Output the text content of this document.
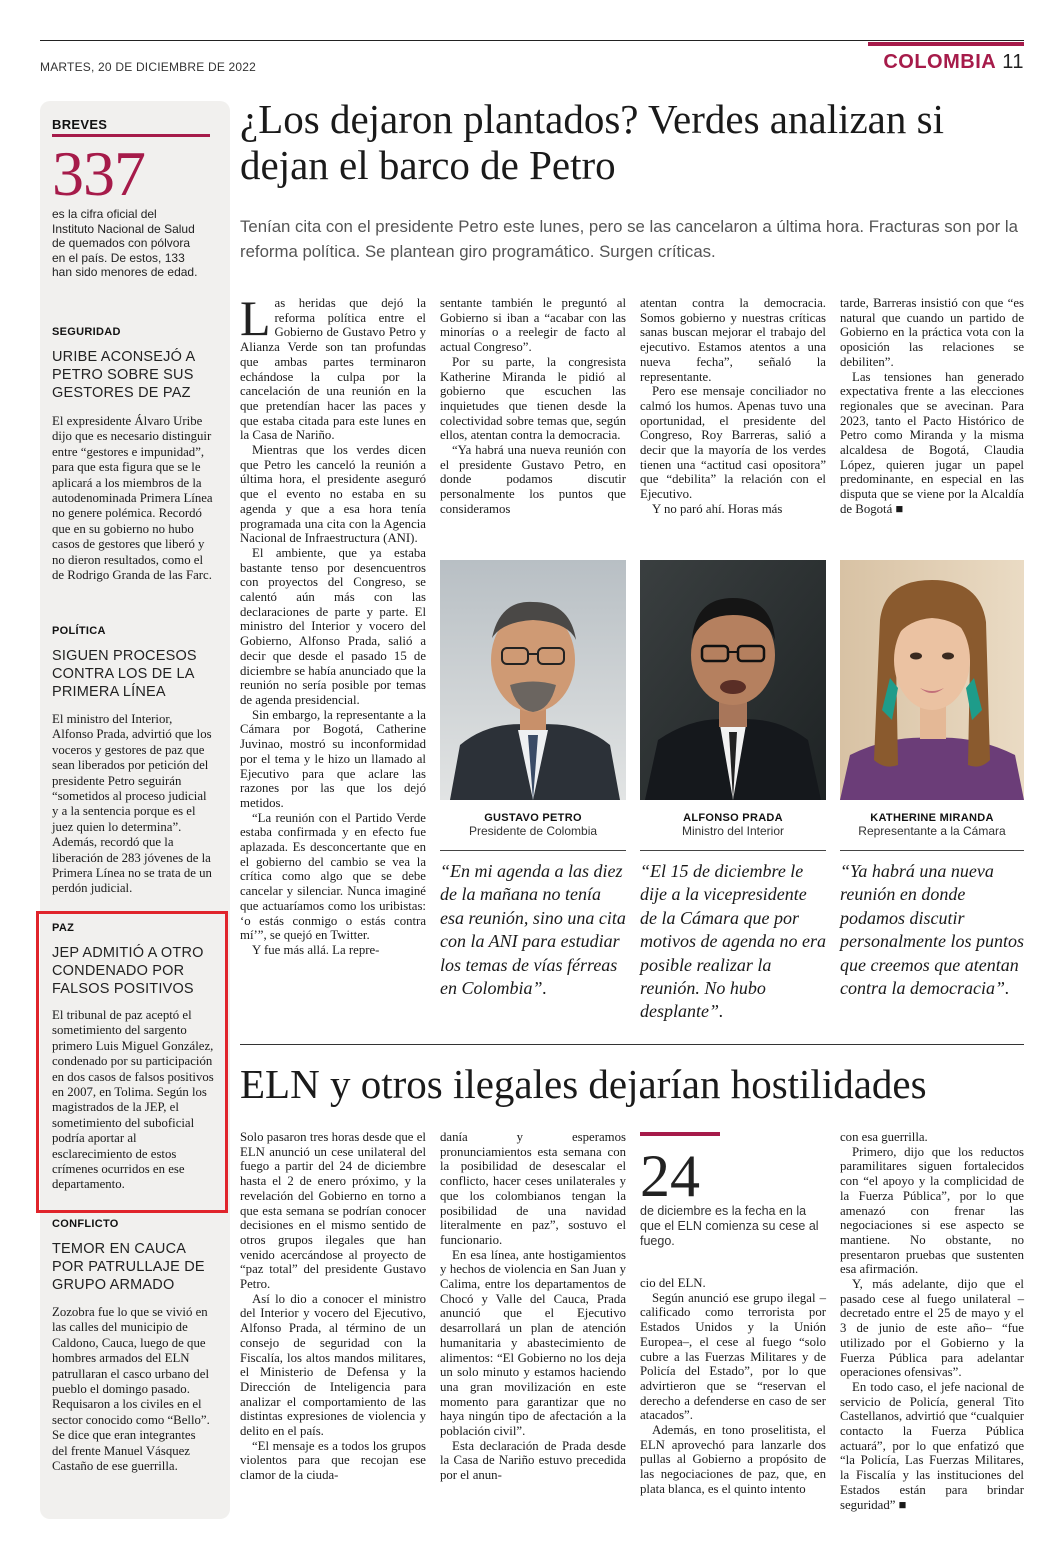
MARTES, 20 DE DICIEMBRE DE 2022	COLOMBIA 11
BREVES
337
es la cifra oficial del Instituto Nacional de Salud de quemados con pólvora en el país. De estos, 133 han sido menores de edad.
SEGURIDAD
URIBE ACONSEJÓ A PETRO SOBRE SUS GESTORES DE PAZ
El expresidente Álvaro Uribe dijo que es necesario distinguir entre “gestores e impunidad”, para que esta figura que se le aplicará a los miembros de la autodenominada Primera Línea no genere polémica. Recordó que en su gobierno no hubo casos de gestores que liberó y no dieron resultados, como el de Rodrigo Granda de las Farc.
POLÍTICA
SIGUEN PROCESOS CONTRA LOS DE LA PRIMERA LÍNEA
El ministro del Interior, Alfonso Prada, advirtió que los voceros y gestores de paz que sean liberados por petición del presidente Petro seguirán “sometidos al proceso judicial y a la sentencia porque es el juez quien lo determina”. Además, recordó que la liberación de 283 jóvenes de la Primera Línea no se trata de un perdón judicial.
PAZ
JEP ADMITIÓ A OTRO CONDENADO POR FALSOS POSITIVOS
El tribunal de paz aceptó el sometimiento del sargento primero Luis Miguel González, condenado por su participación en dos casos de falsos positivos en 2007, en Tolima. Según los magistrados de la JEP, el sometimiento del suboficial podría aportar al esclarecimiento de estos crímenes ocurridos en ese departamento.
CONFLICTO
TEMOR EN CAUCA POR PATRULLAJE DE GRUPO ARMADO
Zozobra fue lo que se vivió en las calles del municipio de Caldono, Cauca, luego de que hombres armados del ELN patrullaran el casco urbano del pueblo el domingo pasado. Requisaron a los civiles en el sector conocido como “Bello”. Se dice que eran integrantes del frente Manuel Vásquez Castaño de ese guerrilla.
¿Los dejaron plantados? Verdes analizan si dejan el barco de Petro
Tenían cita con el presidente Petro este lunes, pero se las cancelaron a última hora. Fracturas son por la reforma política. Se plantean giro programático. Surgen críticas.

Las heridas que dejó la reforma política entre el Gobierno de Gustavo Petro y Alianza Verde son tan profundas que ambas partes terminaron echándose la culpa por la cancelación de una reunión en la que pretendían hacer las paces y que estaba citada para este lunes en la Casa de Nariño.

Mientras que los verdes dicen que Petro les canceló la reunión a última hora, el presidente aseguró que el evento no estaba en su agenda y que a esa hora tenía programada una cita con la Agencia Nacional de Infraestructura (ANI).

El ambiente, que ya estaba bastante tenso por desencuentros con proyectos del Congreso, se calentó aún más con las declaraciones de parte y parte. El ministro del Interior y vocero del Gobierno, Alfonso Prada, salió a decir que desde el pasado 15 de diciembre se había anunciado que la reunión no sería posible por temas de agenda presidencial.

Sin embargo, la representante a la Cámara por Bogotá, Catherine Juvinao, mostró su inconformidad por el tema y le hizo un llamado al Ejecutivo para que aclare las razones por las que los dejó metidos.

“La reunión con el Partido Verde estaba confirmada y en efecto fue aplazada. Es desconcertante que en el gobierno del cambio se vea la crítica como algo que se debe cancelar y silenciar. Nunca imaginé que actuaríamos como los uribistas: ‘o estás conmigo o estás contra mí’”, se quejó en Twitter.

Y fue más allá. La repre-

sentante también le preguntó al Gobierno si iban a “acabar con las minorías o a reelegir de facto al actual Congreso”.

Por su parte, la congresista Katherine Miranda le pidió al gobierno que escuchen las inquietudes que tienen desde la colectividad sobre temas que, según ellos, atentan contra la democracia.

“Ya habrá una nueva reunión con el presidente Gustavo Petro, en donde podamos discutir personalmente los puntos que consideramos

atentan contra la democracia. Somos gobierno y nuestras críticas sanas buscan mejorar el trabajo del ejecutivo. Estamos atentos a una nueva fecha”, señaló la representante.

Pero ese mensaje conciliador no calmó los humos. Apenas tuvo una oportunidad, el presidente del Congreso, Roy Barreras, salió a decir que la mayoría de los verdes tienen una “actitud casi opositora” que “debilita” la relación con el Ejecutivo.

Y no paró ahí. Horas más

tarde, Barreras insistió con que “es natural que cuando un partido de Gobierno en la práctica vota con la oposición las relaciones se debiliten”.

Las tensiones han generado expectativa frente a las elecciones regionales que se avecinan. Para 2023, tanto el Pacto Histórico de Petro como Miranda y la misma alcaldesa de Bogotá, Claudia López, quieren jugar un papel predominante, en especial en las disputa que se viene por la Alcaldía de Bogotá ■

GUSTAVO PETRO
Presidente de Colombia
ALFONSO PRADA
Ministro del Interior
KATHERINE MIRANDA
Representante a la Cámara
“En mi agenda a las diez de la mañana no tenía esa reunión, sino una cita con la ANI para estudiar los temas de vías férreas en Colombia”.
“El 15 de diciembre le dije a la vicepresidente de la Cámara que por motivos de agenda no era posible realizar la reunión. No hubo desplante”.
“Ya habrá una nueva reunión en donde podamos discutir personalmente los puntos que creemos que atentan contra la democracia”.
ELN y otros ilegales dejarían hostilidades

Solo pasaron tres horas desde que el ELN anunció un cese unilateral del fuego a partir del 24 de diciembre hasta el 2 de enero próximo, y la revelación del Gobierno en torno a que esta semana se podrían conocer decisiones en el mismo sentido de otros grupos ilegales que han venido acercándose al proyecto de “paz total” del presidente Gustavo Petro.

Así lo dio a conocer el ministro del Interior y vocero del Ejecutivo, Alfonso Prada, al término de un consejo de seguridad con la Fiscalía, los altos mandos militares, el Ministerio de Defensa y la Dirección de Inteligencia para analizar el comportamiento de las distintas expresiones de violencia y delito en el país.

“El mensaje es a todos los grupos violentos para que recojan ese clamor de la ciuda-

danía y esperamos pronunciamientos esta semana con la posibilidad de desescalar el conflicto, hacer ceses unilaterales y que los colombianos tengan la posibilidad de una navidad literalmente en paz”, sostuvo el funcionario.

En esa línea, ante hostigamientos y hechos de violencia en San Juan y Calima, entre los departamentos de Chocó y Valle del Cauca, Prada anunció que el Ejecutivo desarrollará un plan de atención humanitaria y abastecimiento de alimentos: “El Gobierno no los deja un solo minuto y estamos haciendo una gran movilización en este momento para garantizar que no haya ningún tipo de afectación a la población civil”.

Esta declaración de Prada desde la Casa de Nariño estuvo precedida por el anun-

24
de diciembre es la fecha en la que el ELN comienza su cese al fuego.

cio del ELN.

Según anunció ese grupo ilegal –calificado como terrorista por Estados Unidos y la Unión Europea–, el cese al fuego “solo cubre a las Fuerzas Militares y de Policía del Estado”, por lo que advirtieron que se “reservan el derecho a defenderse en caso de ser atacados”.

Además, en tono proselitista, el ELN aprovechó para lanzarle dos pullas al Gobierno a propósito de las negociaciones de paz, que, en plata blanca, es el quinto intento

con esa guerrilla.

Primero, dijo que los reductos paramilitares siguen fortalecidos con “el apoyo y la complicidad de la Fuerza Pública”, por lo que amenazó con frenar las negociaciones si ese aspecto se mantiene. No obstante, no presentaron pruebas que sustenten esa afirmación.

Y, más adelante, dijo que el pasado cese al fuego unilateral –decretado entre el 25 de mayo y el 3 de junio de este año– “fue utilizado por el Gobierno y la Fuerza Pública para adelantar operaciones ofensivas”.

En todo caso, el jefe nacional de servicio de Policía, general Tito Castellanos, advirtió que “cualquier contacto la Fuerza Pública actuará”, por lo que enfatizó que “la Policía, Las Fuerzas Militares, la Fiscalía y las instituciones del Estados están para brindar seguridad” ■
